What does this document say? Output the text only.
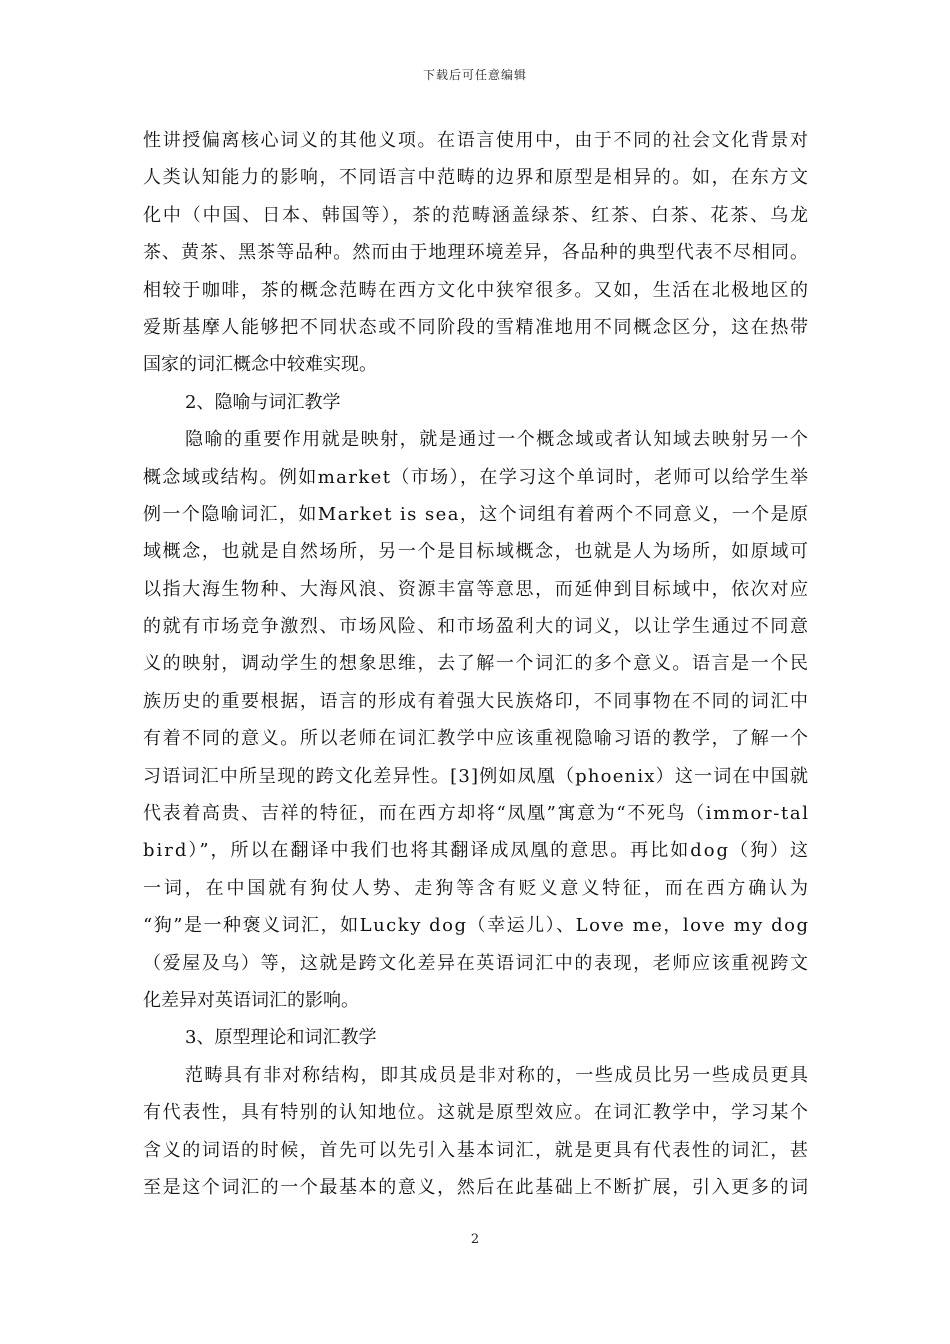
下载后可任意编辑
性讲授偏离核心词义的其他义项。在语言使用中，由于不同的社会文化背景对
人类认知能力的影响，不同语言中范畴的边界和原型是相异的。如，在东方文
化中（中国、日本、韩国等），茶的范畴涵盖绿茶、红茶、白茶、花茶、乌龙
茶、黄茶、黑茶等品种。然而由于地理环境差异，各品种的典型代表不尽相同。
相较于咖啡，茶的概念范畴在西方文化中狭窄很多。又如，生活在北极地区的
爱斯基摩人能够把不同状态或不同阶段的雪精准地用不同概念区分，这在热带
国家的词汇概念中较难实现。
2、隐喻与词汇教学
隐喻的重要作用就是映射，就是通过一个概念域或者认知域去映射另一个
概念域或结构。例如market（市场），在学习这个单词时，老师可以给学生举
例一个隐喻词汇，如Market is sea，这个词组有着两个不同意义，一个是原
域概念，也就是自然场所，另一个是目标域概念，也就是人为场所，如原域可
以指大海生物种、大海风浪、资源丰富等意思，而延伸到目标域中，依次对应
的就有市场竞争激烈、市场风险、和市场盈利大的词义，以让学生通过不同意
义的映射，调动学生的想象思维，去了解一个词汇的多个意义。语言是一个民
族历史的重要根据，语言的形成有着强大民族烙印，不同事物在不同的词汇中
有着不同的意义。所以老师在词汇教学中应该重视隐喻习语的教学，了解一个
习语词汇中所呈现的跨文化差异性。[3]例如凤凰（phoenix）这一词在中国就
代表着高贵、吉祥的特征，而在西方却将“凤凰”寓意为“不死鸟（immor-tal
bird）”，所以在翻译中我们也将其翻译成凤凰的意思。再比如dog（狗）这
一词，在中国就有狗仗人势、走狗等含有贬义意义特征，而在西方确认为
“狗”是一种褒义词汇，如Lucky dog（幸运儿）、Love me，love my dog
（爱屋及乌）等，这就是跨文化差异在英语词汇中的表现，老师应该重视跨文
化差异对英语词汇的影响。
3、原型理论和词汇教学
范畴具有非对称结构，即其成员是非对称的，一些成员比另一些成员更具
有代表性，具有特别的认知地位。这就是原型效应。在词汇教学中，学习某个
含义的词语的时候，首先可以先引入基本词汇，就是更具有代表性的词汇，甚
至是这个词汇的一个最基本的意义，然后在此基础上不断扩展，引入更多的词
2
